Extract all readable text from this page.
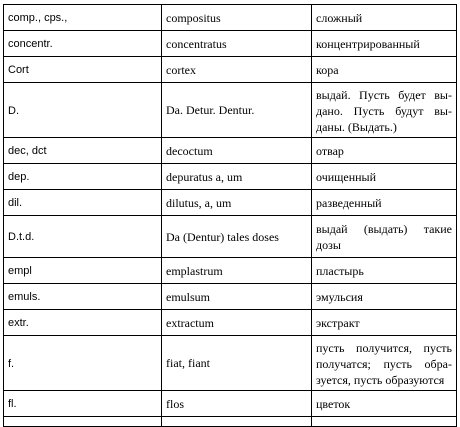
comp., cps.,	compositus	сложный
concentr.	concentratus	концентрированный
Cort	cortex	кора
D.	Da. Detur. Dentur.	выдай. Пусть будет выдано. Пусть будут выданы. (Выдать.)
dec, dct	decoctum	отвар
dep.	depuratus a, um	очищенный
dil.	dilutus, a, um	разведенный
D.t.d.	Da (Dentur) tales doses	выдай (выдать) такие дозы
empl	emplastrum	пластырь
emuls.	emulsum	эмульсия
extr.	extractum	экстракт
f.	fiat, fiant	пусть получится, пусть получатся; пусть образуется, пусть образуются
fl.	flos	цветок
